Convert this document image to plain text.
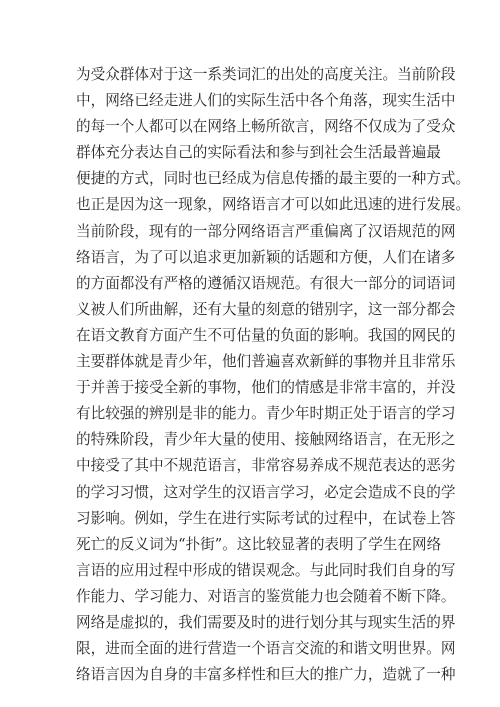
为受众群体对于这一系类词汇的出处的高度关注。当前阶段
中，网络已经走进人们的实际生活中各个角落，现实生活中
的每一个人都可以在网络上畅所欲言，网络不仅成为了受众
群体充分表达自己的实际看法和参与到社会生活最普遍最
便捷的方式，同时也已经成为信息传播的最主要的一种方式。
也正是因为这一现象，网络语言才可以如此迅速的进行发展。
当前阶段，现有的一部分网络语言严重偏离了汉语规范的网
络语言，为了可以追求更加新颖的话题和方便，人们在诸多
的方面都没有严格的遵循汉语规范。有很大一部分的词语词
义被人们所曲解，还有大量的刻意的错别字，这一部分都会
在语文教育方面产生不可估量的负面的影响。我国的网民的
主要群体就是青少年，他们普遍喜欢新鲜的事物并且非常乐
于并善于接受全新的事物，他们的情感是非常丰富的，并没
有比较强的辨别是非的能力。青少年时期正处于语言的学习
的特殊阶段，青少年大量的使用、接触网络语言，在无形之
中接受了其中不规范语言，非常容易养成不规范表达的恶劣
的学习习惯，这对学生的汉语言学习，必定会造成不良的学
习影响。例如，学生在进行实际考试的过程中，在试卷上答
死亡的反义词为“扑街”。这比较显著的表明了学生在网络
言语的应用过程中形成的错误观念。与此同时我们自身的写
作能力、学习能力、对语言的鉴赏能力也会随着不断下降。
网络是虚拟的，我们需要及时的进行划分其与现实生活的界
限，进而全面的进行营造一个语言交流的和谐文明世界。网
络语言因为自身的丰富多样性和巨大的推广力，造就了一种
